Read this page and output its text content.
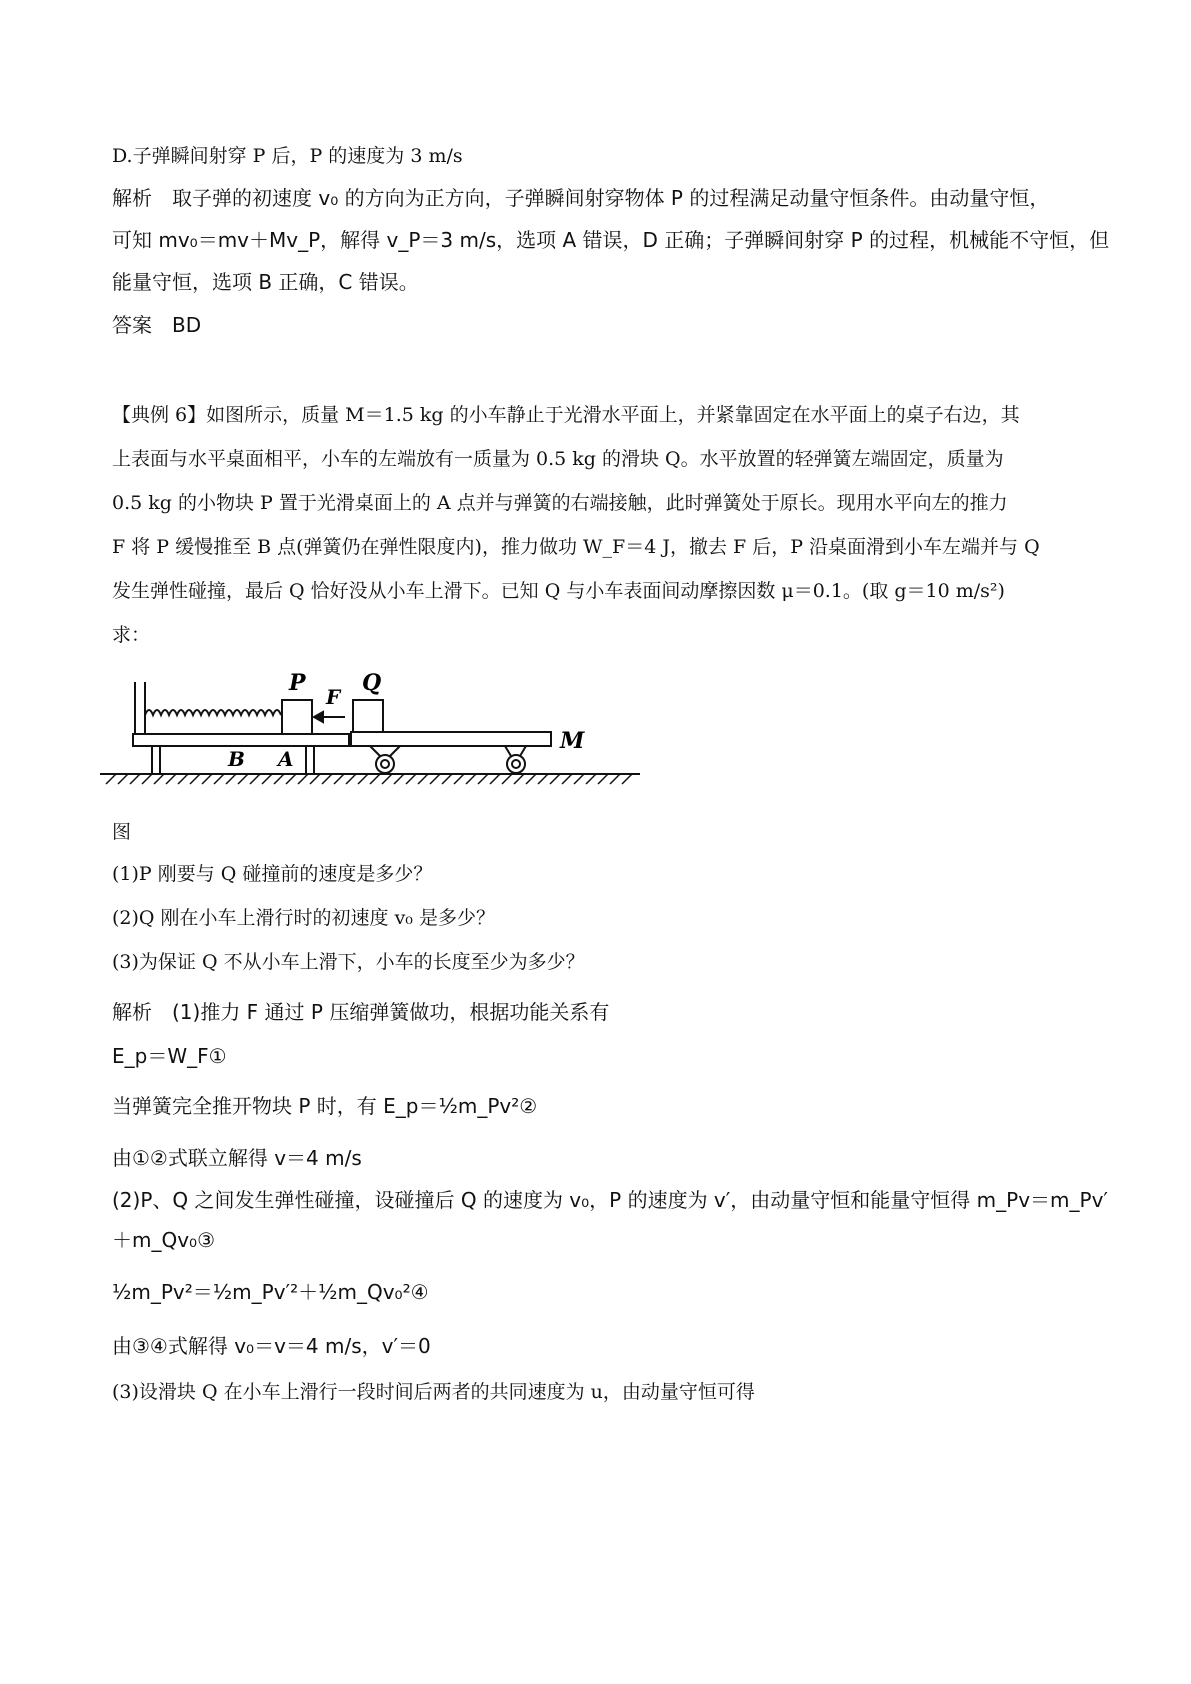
D.子弹瞬间射穿 P 后，P 的速度为 3 m/s
解析　取子弹的初速度 v₀ 的方向为正方向，子弹瞬间射穿物体 P 的过程满足动量守恒条件。由动量守恒，
可知 mv₀＝mv＋Mv_P，解得 v_P＝3 m/s，选项 A 错误，D 正确；子弹瞬间射穿 P 的过程，机械能不守恒，但
能量守恒，选项 B 正确，C 错误。
答案　BD
【典例 6】如图所示，质量 M＝1.5 kg 的小车静止于光滑水平面上，并紧靠固定在水平面上的桌子右边，其
上表面与水平桌面相平，小车的左端放有一质量为 0.5 kg 的滑块 Q。水平放置的轻弹簧左端固定，质量为
0.5 kg 的小物块 P 置于光滑桌面上的 A 点并与弹簧的右端接触，此时弹簧处于原长。现用水平向左的推力
F 将 P 缓慢推至 B 点(弹簧仍在弹性限度内)，推力做功 W_F＝4 J，撤去 F 后，P 沿桌面滑到小车左端并与 Q
发生弹性碰撞，最后 Q 恰好没从小车上滑下。已知 Q 与小车表面间动摩擦因数 μ＝0.1。(取 g＝10 m/s²)
求：
P
F
Q
M
B A
图
(1)P 刚要与 Q 碰撞前的速度是多少？
(2)Q 刚在小车上滑行时的初速度 v₀ 是多少？
(3)为保证 Q 不从小车上滑下，小车的长度至少为多少？
解析　(1)推力 F 通过 P 压缩弹簧做功，根据功能关系有
E_p＝W_F①
当弹簧完全推开物块 P 时，有 E_p＝½m_Pv²②
由①②式联立解得 v＝4 m/s
(2)P、Q 之间发生弹性碰撞，设碰撞后 Q 的速度为 v₀，P 的速度为 v′，由动量守恒和能量守恒得 m_Pv＝m_Pv′
＋m_Qv₀③
½m_Pv²＝½m_Pv′²＋½m_Qv₀²④
由③④式解得 v₀＝v＝4 m/s，v′＝0
(3)设滑块 Q 在小车上滑行一段时间后两者的共同速度为 u，由动量守恒可得
